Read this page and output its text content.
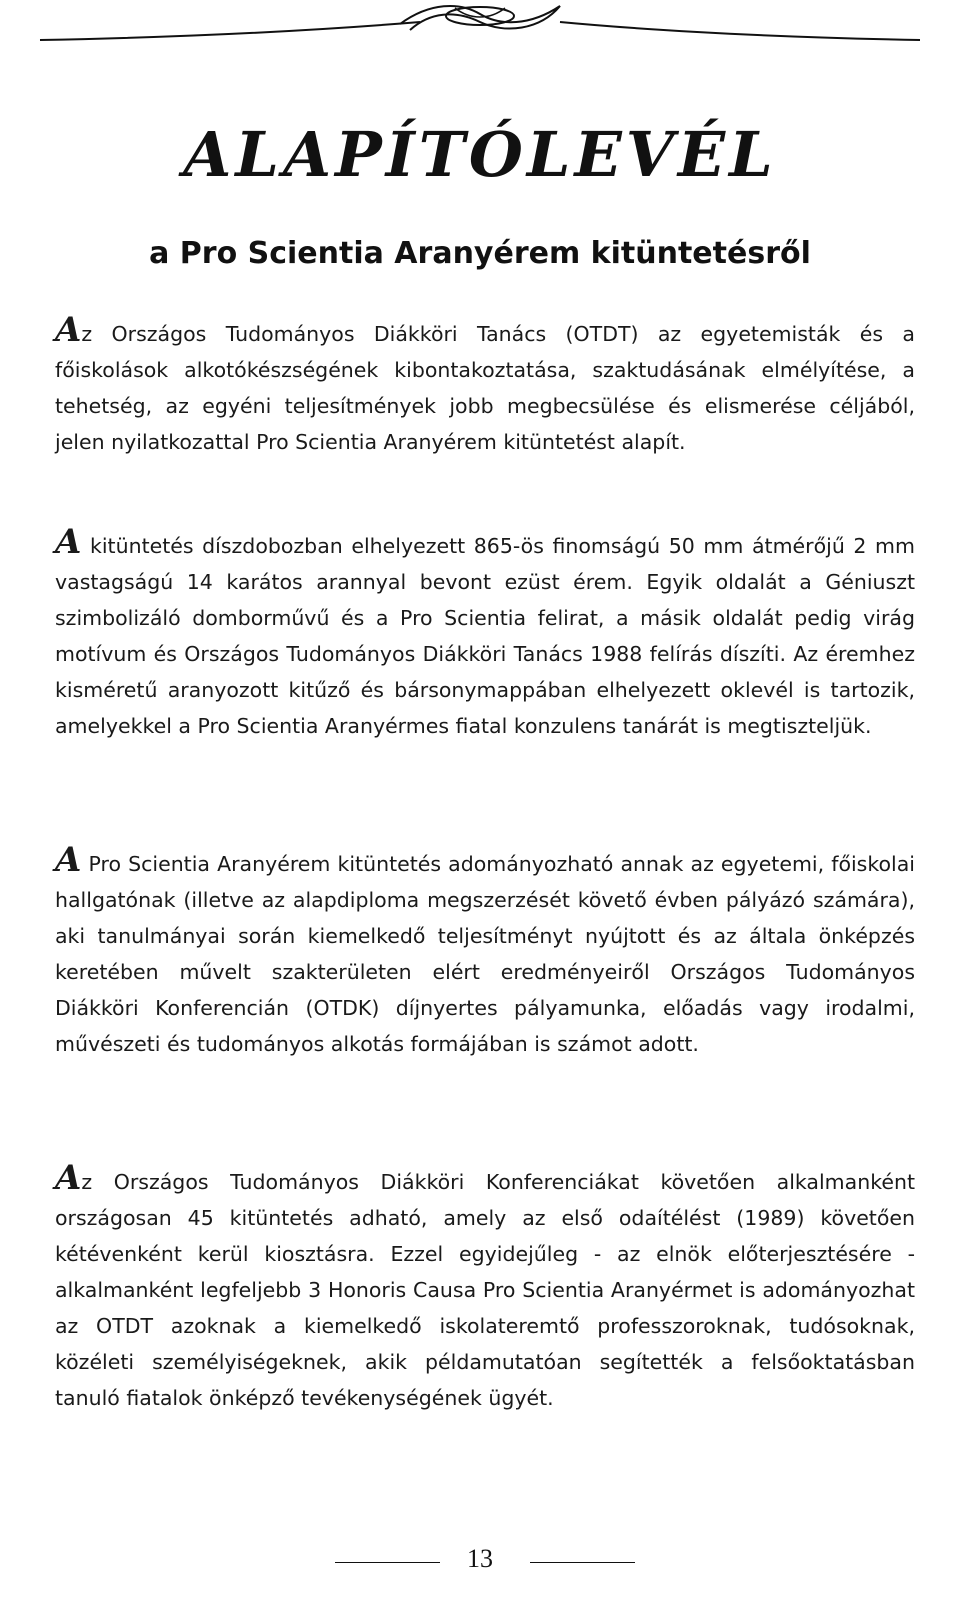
ALAPÍTÓLEVÉL
a Pro Scientia Aranyérem kitüntetésről

Az Országos Tudományos Diákköri Tanács (OTDT) az egyetemisták és a főiskolások alkotókészségének kibontakoztatása, szaktudásának elmélyítése, a tehetség, az egyéni teljesítmények jobb megbecsülése és elismerése céljából, jelen nyilatkozattal Pro Scientia Aranyérem kitüntetést alapít.

A kitüntetés díszdobozban elhelyezett 865-ös finomságú 50 mm átmérőjű 2 mm vastagságú 14 karátos arannyal bevont ezüst érem. Egyik oldalát a Géniuszt szimbolizáló domborművű és a Pro Scientia felirat, a másik oldalát pedig virág motívum és Országos Tudományos Diákköri Tanács 1988 felírás díszíti. Az éremhez kisméretű aranyozott kitűző és bársonymappában elhelyezett oklevél is tartozik, amelyekkel a Pro Scientia Aranyérmes fiatal konzulens tanárát is megtiszteljük.

A Pro Scientia Aranyérem kitüntetés adományozható annak az egyetemi, főiskolai hallgatónak (illetve az alapdiploma megszerzését követő évben pályázó számára), aki tanulmányai során kiemelkedő teljesítményt nyújtott és az általa önképzés keretében művelt szakterületen elért eredményeiről Országos Tudományos Diákköri Konferencián (OTDK) díjnyertes pályamunka, előadás vagy irodalmi, művészeti és tudományos alkotás formájában is számot adott.

Az Országos Tudományos Diákköri Konferenciákat követően alkalmanként országosan 45 kitüntetés adható, amely az első odaítélést (1989) követően kétévenként kerül kiosztásra. Ezzel egyidejűleg - az elnök előterjesztésére - alkalmanként legfeljebb 3 Honoris Causa Pro Scientia Aranyérmet is adományozhat az OTDT azoknak a kiemelkedő iskolateremtő professzoroknak, tudósoknak, közéleti személyiségeknek, akik példamutatóan segítették a felsőoktatásban tanuló fiatalok önképző tevékenységének ügyét.

13
